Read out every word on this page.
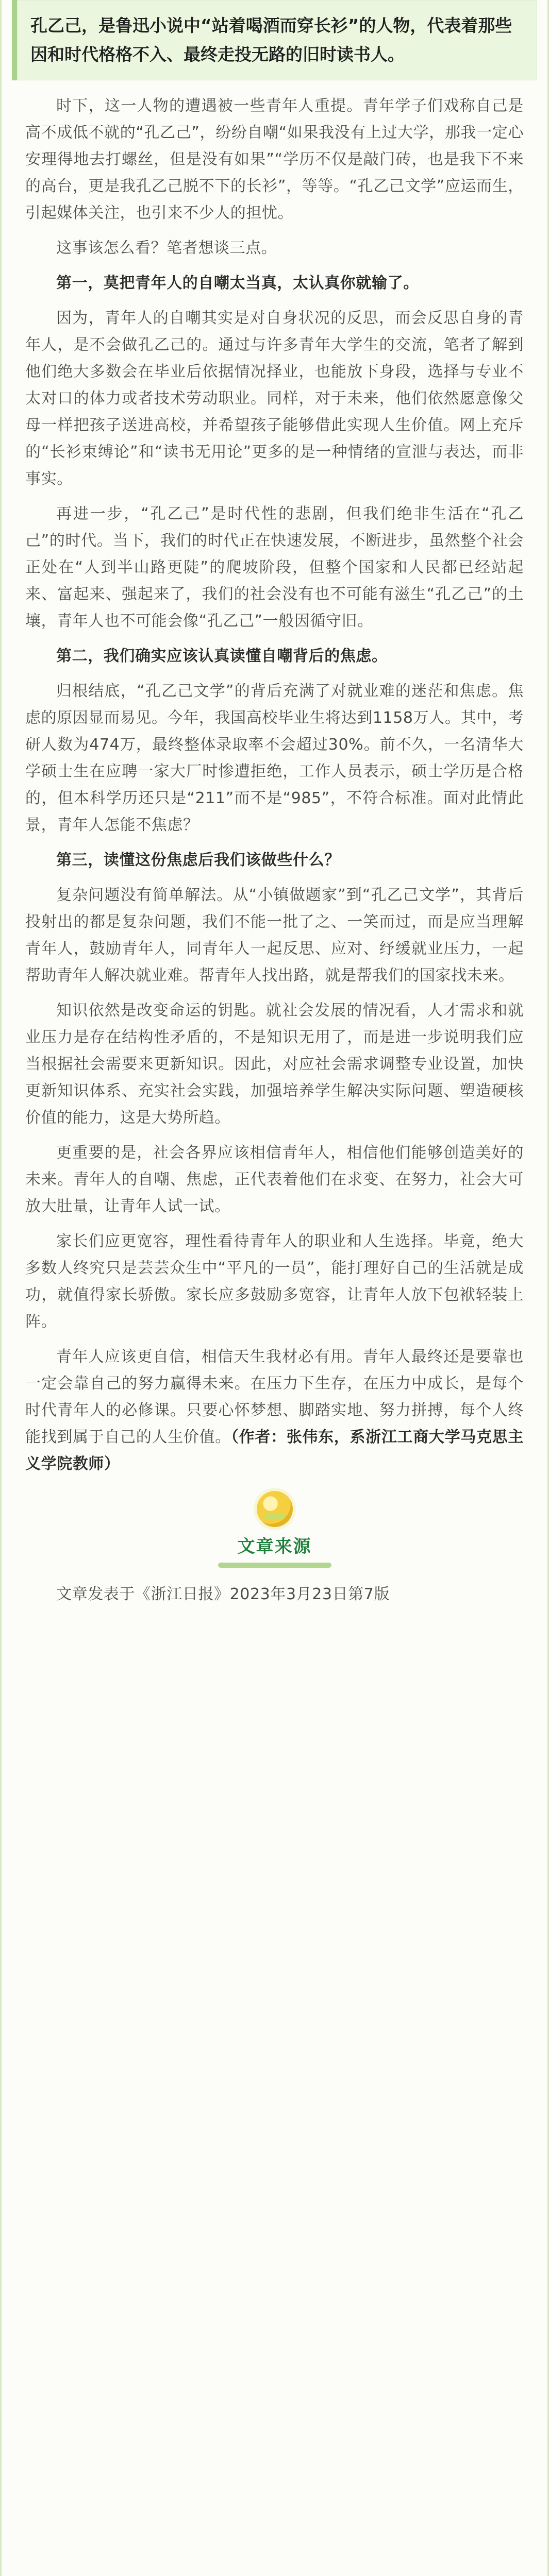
孔乙己，是鲁迅小说中“站着喝酒而穿长衫”的人物，代表着那些因和时代格格不入、最终走投无路的旧时读书人。

时下，这一人物的遭遇被一些青年人重提。青年学子们戏称自己是高不成低不就的“孔乙己”，纷纷自嘲“如果我没有上过大学，那我一定心安理得地去打螺丝，但是没有如果”“学历不仅是敲门砖，也是我下不来的高台，更是我孔乙己脱不下的长衫”，等等。“孔乙己文学”应运而生，引起媒体关注，也引来不少人的担忧。

这事该怎么看？笔者想谈三点。

第一，莫把青年人的自嘲太当真，太认真你就输了。

因为，青年人的自嘲其实是对自身状况的反思，而会反思自身的青年人，是不会做孔乙己的。通过与许多青年大学生的交流，笔者了解到他们绝大多数会在毕业后依据情况择业，也能放下身段，选择与专业不太对口的体力或者技术劳动职业。同样，对于未来，他们依然愿意像父母一样把孩子送进高校，并希望孩子能够借此实现人生价值。网上充斥的“长衫束缚论”和“读书无用论”更多的是一种情绪的宣泄与表达，而非事实。

再进一步，“孔乙己”是时代性的悲剧，但我们绝非生活在“孔乙己”的时代。当下，我们的时代正在快速发展，不断进步，虽然整个社会正处在“人到半山路更陡”的爬坡阶段，但整个国家和人民都已经站起来、富起来、强起来了，我们的社会没有也不可能有滋生“孔乙己”的土壤，青年人也不可能会像“孔乙己”一般因循守旧。

第二，我们确实应该认真读懂自嘲背后的焦虑。

归根结底，“孔乙己文学”的背后充满了对就业难的迷茫和焦虑。焦虑的原因显而易见。今年，我国高校毕业生将达到1158万人。其中，考研人数为474万，最终整体录取率不会超过30%。前不久，一名清华大学硕士生在应聘一家大厂时惨遭拒绝，工作人员表示，硕士学历是合格的，但本科学历还只是“211”而不是“985”，不符合标准。面对此情此景，青年人怎能不焦虑？

第三，读懂这份焦虑后我们该做些什么？

复杂问题没有简单解法。从“小镇做题家”到“孔乙己文学”，其背后投射出的都是复杂问题，我们不能一批了之、一笑而过，而是应当理解青年人，鼓励青年人，同青年人一起反思、应对、纾缓就业压力，一起帮助青年人解决就业难。帮青年人找出路，就是帮我们的国家找未来。

知识依然是改变命运的钥匙。就社会发展的情况看，人才需求和就业压力是存在结构性矛盾的，不是知识无用了，而是进一步说明我们应当根据社会需要来更新知识。因此，对应社会需求调整专业设置，加快更新知识体系、充实社会实践，加强培养学生解决实际问题、塑造硬核价值的能力，这是大势所趋。

更重要的是，社会各界应该相信青年人，相信他们能够创造美好的未来。青年人的自嘲、焦虑，正代表着他们在求变、在努力，社会大可放大肚量，让青年人试一试。

家长们应更宽容，理性看待青年人的职业和人生选择。毕竟，绝大多数人终究只是芸芸众生中“平凡的一员”，能打理好自己的生活就是成功，就值得家长骄傲。家长应多鼓励多宽容，让青年人放下包袱轻装上阵。

青年人应该更自信，相信天生我材必有用。青年人最终还是要靠也一定会靠自己的努力赢得未来。在压力下生存，在压力中成长，是每个时代青年人的必修课。只要心怀梦想、脚踏实地、努力拼搏，每个人终能找到属于自己的人生价值。（作者：张伟东，系浙江工商大学马克思主义学院教师）

文章来源

文章发表于《浙江日报》2023年3月23日第7版
